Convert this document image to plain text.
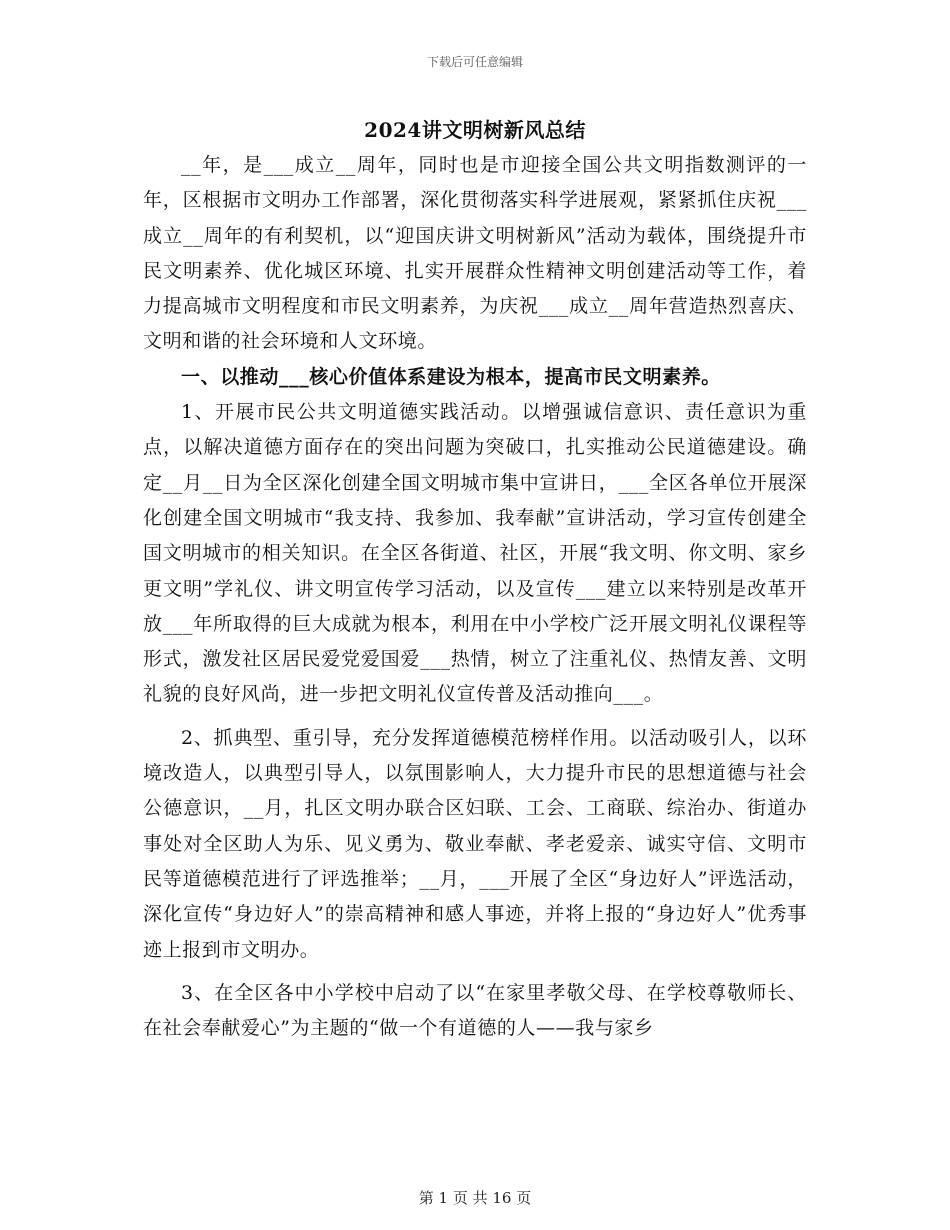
下载后可任意编辑
2024讲文明树新风总结

__年，是___成立__周年，同时也是市迎接全国公共文明指数测评的一年，区根据市文明办工作部署，深化贯彻落实科学进展观，紧紧抓住庆祝___成立__周年的有利契机，以“迎国庆讲文明树新风”活动为载体，围绕提升市民文明素养、优化城区环境、扎实开展群众性精神文明创建活动等工作，着力提高城市文明程度和市民文明素养，为庆祝___成立__周年营造热烈喜庆、文明和谐的社会环境和人文环境。

一、以推动___核心价值体系建设为根本，提高市民文明素养。

1、开展市民公共文明道德实践活动。以增强诚信意识、责任意识为重点，以解决道德方面存在的突出问题为突破口，扎实推动公民道德建设。确定__月__日为全区深化创建全国文明城市集中宣讲日，___全区各单位开展深化创建全国文明城市“我支持、我参加、我奉献”宣讲活动，学习宣传创建全国文明城市的相关知识。在全区各街道、社区，开展“我文明、你文明、家乡更文明”学礼仪、讲文明宣传学习活动，以及宣传___建立以来特别是改革开放___年所取得的巨大成就为根本，利用在中小学校广泛开展文明礼仪课程等形式，激发社区居民爱党爱国爱___热情，树立了注重礼仪、热情友善、文明礼貌的良好风尚，进一步把文明礼仪宣传普及活动推向___。

2、抓典型、重引导，充分发挥道德模范榜样作用。以活动吸引人，以环境改造人，以典型引导人，以氛围影响人，大力提升市民的思想道德与社会公德意识，__月，扎区文明办联合区妇联、工会、工商联、综治办、街道办事处对全区助人为乐、见义勇为、敬业奉献、孝老爱亲、诚实守信、文明市民等道德模范进行了评选推举；__月，___开展了全区“身边好人”评选活动，深化宣传“身边好人”的崇高精神和感人事迹，并将上报的“身边好人”优秀事迹上报到市文明办。

3、在全区各中小学校中启动了以“在家里孝敬父母、在学校尊敬师长、在社会奉献爱心”为主题的“做一个有道德的人——我与家乡

第 1 页 共 16 页
